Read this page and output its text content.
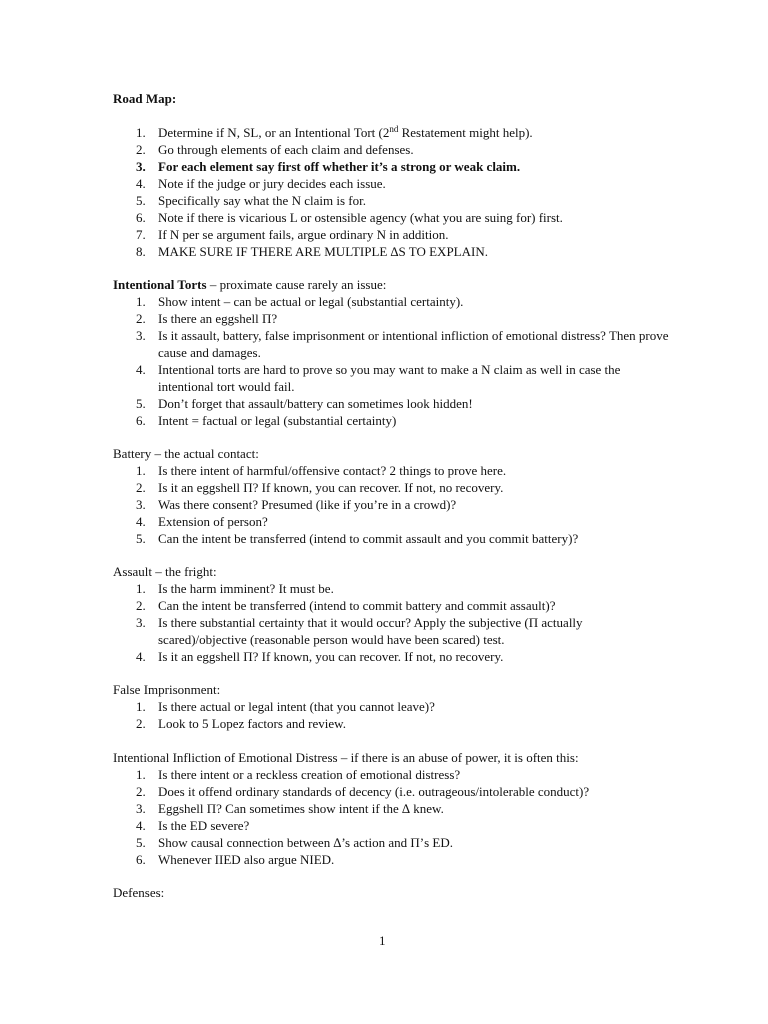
Road Map:
1. Determine if N, SL, or an Intentional Tort (2nd Restatement might help).
2. Go through elements of each claim and defenses.
3. For each element say first off whether it’s a strong or weak claim.
4. Note if the judge or jury decides each issue.
5. Specifically say what the N claim is for.
6. Note if there is vicarious L or ostensible agency (what you are suing for) first.
7. If N per se argument fails, argue ordinary N in addition.
8. MAKE SURE IF THERE ARE MULTIPLE ∆S TO EXPLAIN.
Intentional Torts – proximate cause rarely an issue:
1. Show intent – can be actual or legal (substantial certainty).
2. Is there an eggshell Π?
3. Is it assault, battery, false imprisonment or intentional infliction of emotional distress? Then prove cause and damages.
4. Intentional torts are hard to prove so you may want to make a N claim as well in case the intentional tort would fail.
5. Don’t forget that assault/battery can sometimes look hidden!
6. Intent = factual or legal (substantial certainty)
Battery – the actual contact:
1. Is there intent of harmful/offensive contact? 2 things to prove here.
2. Is it an eggshell Π? If known, you can recover. If not, no recovery.
3. Was there consent? Presumed (like if you’re in a crowd)?
4. Extension of person?
5. Can the intent be transferred (intend to commit assault and you commit battery)?
Assault – the fright:
1. Is the harm imminent? It must be.
2. Can the intent be transferred (intend to commit battery and commit assault)?
3. Is there substantial certainty that it would occur? Apply the subjective (Π actually scared)/objective (reasonable person would have been scared) test.
4. Is it an eggshell Π? If known, you can recover. If not, no recovery.
False Imprisonment:
1. Is there actual or legal intent (that you cannot leave)?
2. Look to 5 Lopez factors and review.
Intentional Infliction of Emotional Distress – if there is an abuse of power, it is often this:
1. Is there intent or a reckless creation of emotional distress?
2. Does it offend ordinary standards of decency (i.e. outrageous/intolerable conduct)?
3. Eggshell Π? Can sometimes show intent if the ∆ knew.
4. Is the ED severe?
5. Show causal connection between ∆’s action and Π’s ED.
6. Whenever IIED also argue NIED.
Defenses:
1
